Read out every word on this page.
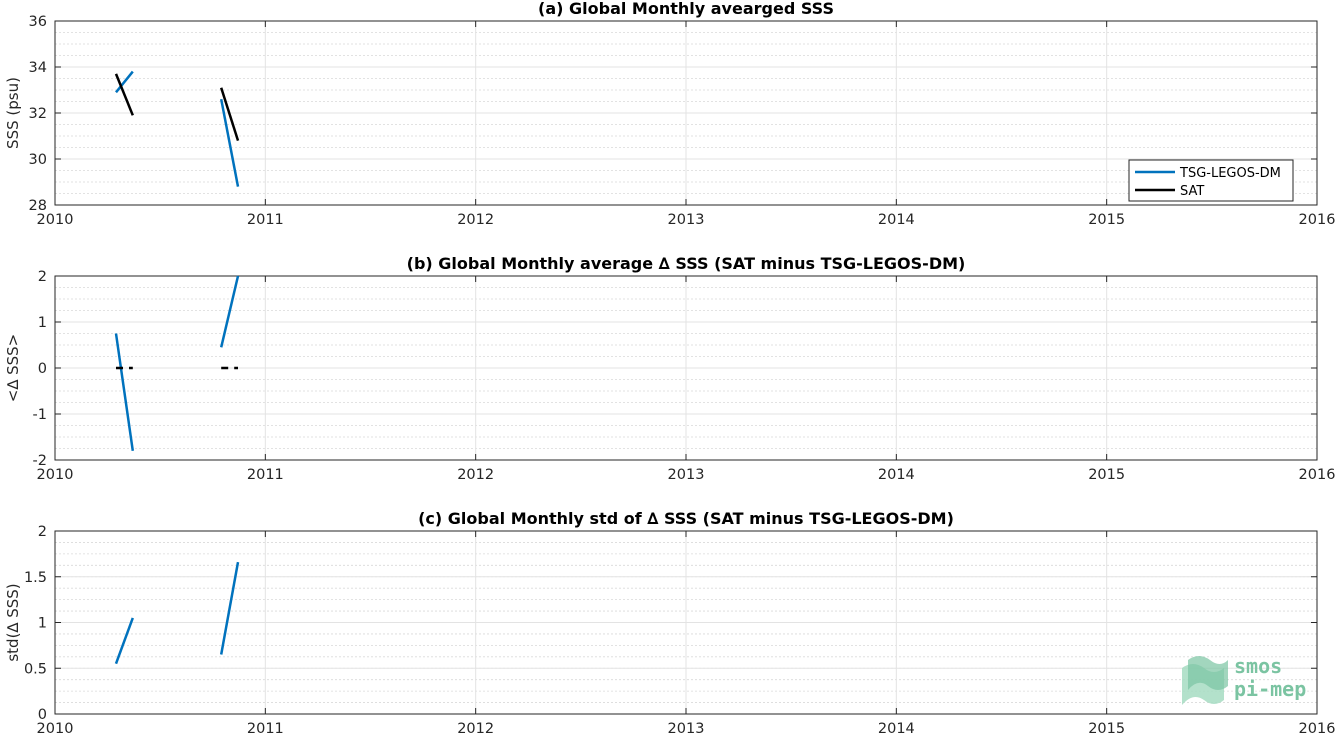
(a) Global Monthly avearged SSS
2010	2011	2012	2013	2014	2015	2016
28
30
32
34
36
SSS (psu)
TSG-LEGOS-DM
SAT
(b) Global Monthly average ∆ SSS (SAT minus TSG-LEGOS-DM)
2010	2011	2012	2013	2014	2015	2016
-2
-1
0
1
2
<∆ SSS>
(c) Global Monthly std of ∆ SSS (SAT minus TSG-LEGOS-DM)
2010	2011	2012	2013	2014	2015	2016
0
0.5
1
1.5
2
std(∆ SSS)
smos
pi-mep
